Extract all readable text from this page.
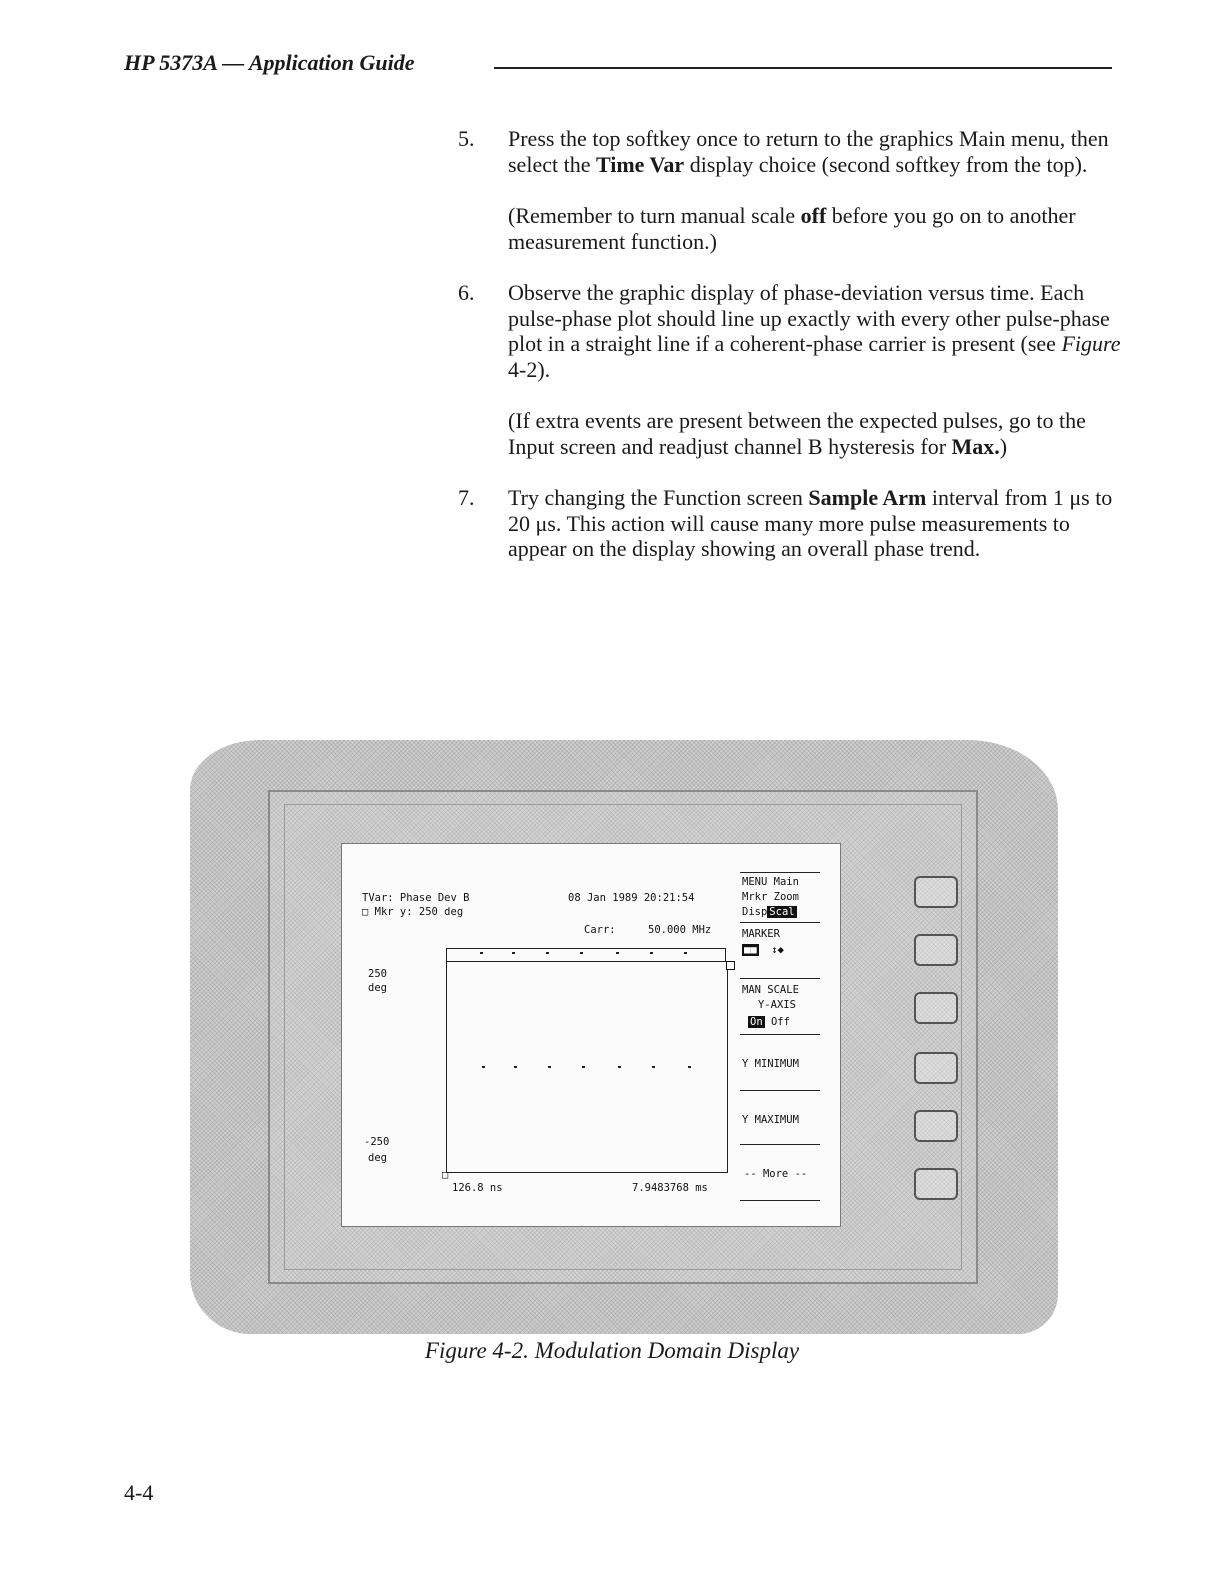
HP 5373A — Application Guide
5. Press the top softkey once to return to the graphics Main menu, then select the Time Var display choice (second softkey from the top).

(Remember to turn manual scale off before you go on to another measurement function.)

6. Observe the graphic display of phase-deviation versus time. Each pulse-phase plot should line up exactly with every other pulse-phase plot in a straight line if a coherent-phase carrier is present (see Figure 4-2).

(If extra events are present between the expected pulses, go to the Input screen and readjust channel B hysteresis for Max.)

7. Try changing the Function screen Sample Arm interval from 1 μs to 20 μs. This action will cause many more pulse measurements to appear on the display showing an overall phase trend.

TVar: Phase Dev B
□ Mkr y: 250 deg
08 Jan 1989 20:21:54
Carr:	50.000 MHz
250
deg
-250
deg
□
126.8 ns	7.9483768 ms
MENU Main
Mrkr Zoom
Disp Scal
MARKER
■■ ↕◆
MAN SCALE
Y-AXIS
On Off
Y MINIMUM
Y MAXIMUM
-- More --
Figure 4-2. Modulation Domain Display
4-4
